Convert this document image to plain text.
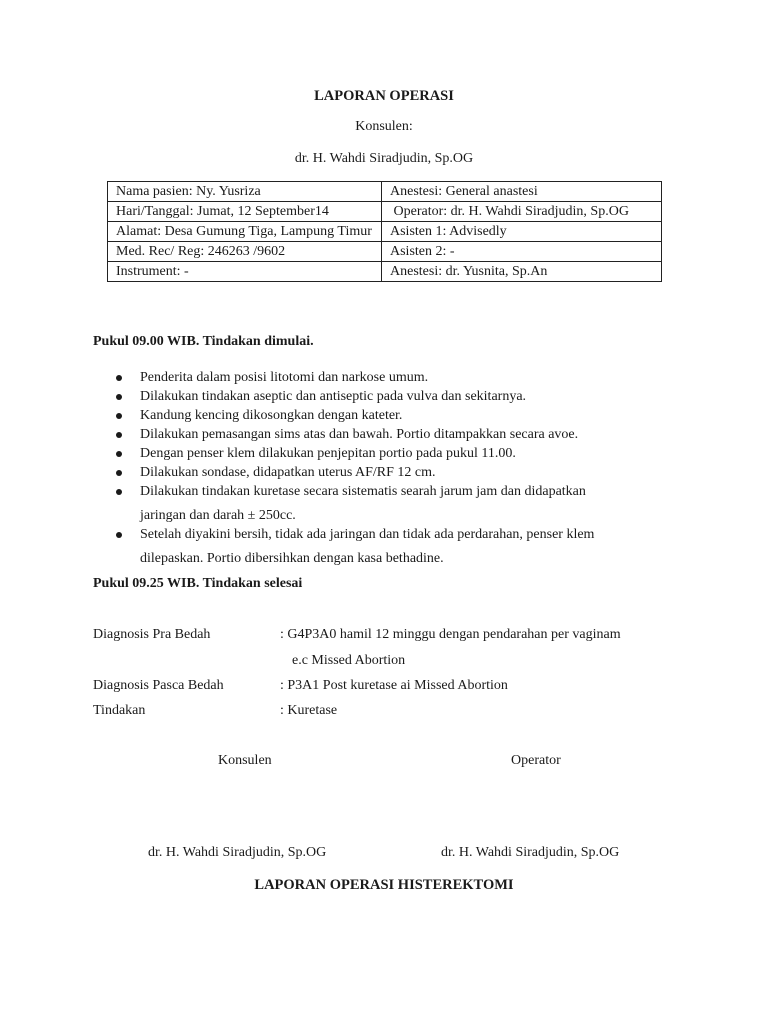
LAPORAN OPERASI
Konsulen:
dr. H. Wahdi Siradjudin, Sp.OG
Nama pasien: Ny. Yusriza	Anestesi: General anastesi
Hari/Tanggal: Jumat, 12 September14	Operator: dr. H. Wahdi Siradjudin, Sp.OG
Alamat: Desa Gumung Tiga, Lampung Timur	Asisten 1: Advisedly
Med. Rec/ Reg: 246263 /9602	Asisten 2: -
Instrument: -	Anestesi: dr. Yusnita, Sp.An
Pukul 09.00 WIB. Tindakan dimulai.
Penderita dalam posisi litotomi dan narkose umum.
Dilakukan tindakan aseptic dan antiseptic pada vulva dan sekitarnya.
Kandung kencing dikosongkan dengan kateter.
Dilakukan pemasangan sims atas dan bawah. Portio ditampakkan secara avoe.
Dengan penser klem dilakukan penjepitan portio pada pukul 11.00.
Dilakukan sondase, didapatkan uterus AF/RF 12 cm.
Dilakukan tindakan kuretase secara sistematis searah jarum jam dan didapatkan
jaringan dan darah ± 250cc.
Setelah diyakini bersih, tidak ada jaringan dan tidak ada perdarahan, penser klem
dilepaskan. Portio dibersihkan dengan kasa bethadine.
Pukul 09.25 WIB. Tindakan selesai
Diagnosis Pra Bedah	: G4P3A0 hamil 12 minggu dengan pendarahan per vaginam
e.c Missed Abortion
Diagnosis Pasca Bedah	: P3A1 Post kuretase ai Missed Abortion
Tindakan	: Kuretase
Konsulen	Operator
dr. H. Wahdi Siradjudin, Sp.OG	dr. H. Wahdi Siradjudin, Sp.OG
LAPORAN OPERASI HISTEREKTOMI
